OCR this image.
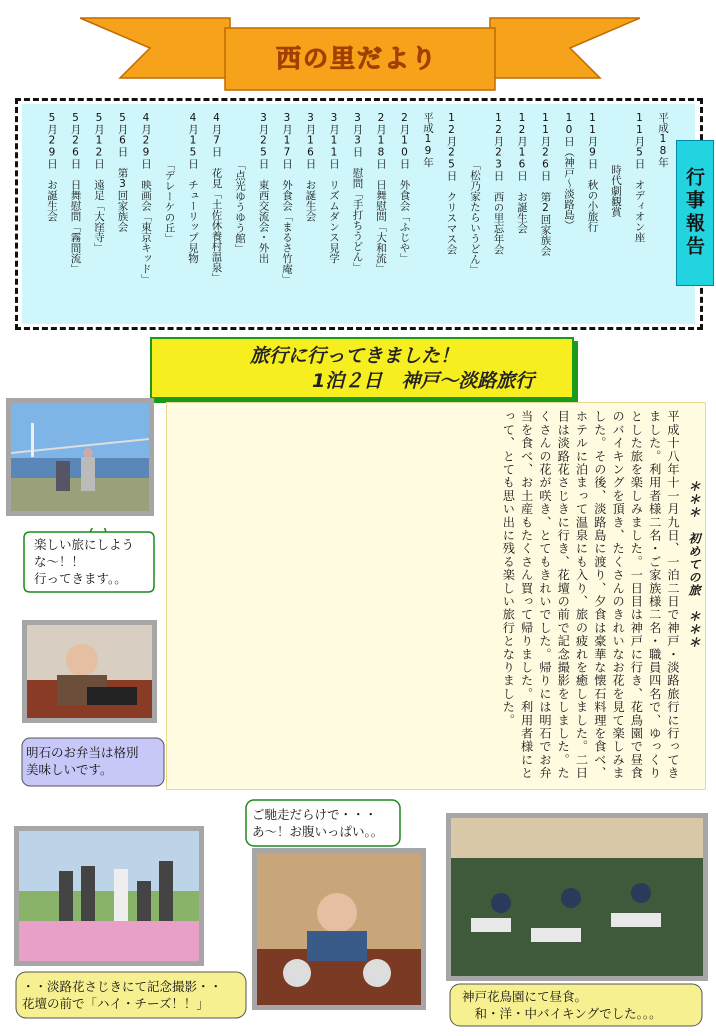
西の里だより
行事報告
平成18年
11月5日　オディオン座
　　　　　時代劇観賞
11月9日　秋の小旅行
10日（神戸～淡路島）
11月26日　第2回家族会
12月16日　お誕生会
12月23日　西の里忘年会
　　　　　「松乃家たらいうどん」
12月25日　クリスマス会
平成19年
2月10日　外食会「ふじや」
2月18日　日舞慰問「大和流」
3月3日　慰問「手打ちうどん」
3月11日　リズムダンス見学
3月16日　お誕生会
3月17日　外食会「まるさ竹庵」
3月25日　東西交流会・外出
　　　　　「点光ゆうゆう館」
4月7日　花見「土佐休養村温泉」
4月15日　チューリップ見物
　　　　　「デレーケの丘」
4月29日　映画会「東京キッド」
5月6日　第3回家族会
5月12日　遠足「大窪寺」
5月26日　日舞慰問「霧間流」
5月29日　お誕生会
旅行に行ってきました！
1泊２日　神戸～淡路旅行
＊＊＊　初めての旅　＊＊＊
平成十八年十一月九日、一泊二日で神戸・淡路旅行に行ってきました。利用者様二名・ご家族様二名・職員四名で、ゆっくりとした旅を楽しみました。一日目は神戸に行き、花鳥園で昼食のバイキングを頂き、たくさんのきれいなお花を見て楽しみました。その後、淡路島に渡り、夕食は豪華な懐石料理を食べ、ホテルに泊まって温泉にも入り、旅の疲れを癒しました。二日目は淡路花さじきに行き、花壇の前で記念撮影をしました。たくさんの花が咲き、とてもきれいでした。帰りには明石でお弁当を食べ、お土産もたくさん買って帰りました。利用者様にとって、とても思い出に残る楽しい旅行となりました。

楽しい旅にしよう
な～！！
行ってきます。。

明石のお弁当は格別
美味しいです。

ご馳走だらけで・・・
あ～！お腹いっぱい。。

・・淡路花さじきにて記念撮影・・
花壇の前で「ハイ・チーズ！！」

	神戸花鳥園にて昼食。
　和・洋・中バイキングでした。。。
